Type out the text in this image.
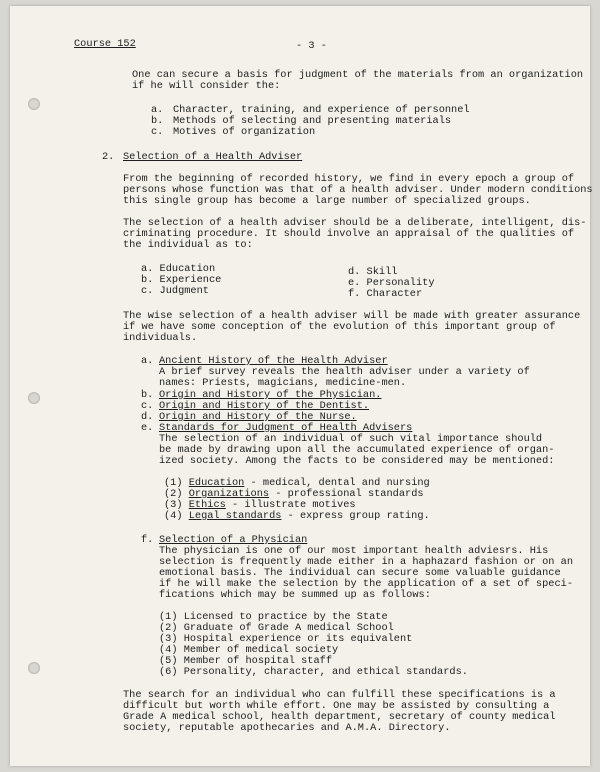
Course 152	- 3 -
One can secure a basis for judgment of the materials from an organization
if he will consider the:
a. Character, training, and experience of personnel
b. Methods of selecting and presenting materials
c. Motives of organization
2. Selection of a Health Adviser
From the beginning of recorded history, we find in every epoch a group of
persons whose function was that of a health adviser. Under modern conditions
this single group has become a large number of specialized groups.
The selection of a health adviser should be a deliberate, intelligent, dis-
criminating procedure. It should involve an appraisal of the qualities of
the individual as to:
a. Education
b. Experience
c. Judgment
d. Skill
e. Personality
f. Character
The wise selection of a health adviser will be made with greater assurance
if we have some conception of the evolution of this important group of
individuals.
a. Ancient History of the Health Adviser
A brief survey reveals the health adviser under a variety of
names: Priests, magicians, medicine-men.
b. Origin and History of the Physician.
c. Origin and History of the Dentist.
d. Origin and History of the Nurse.
e. Standards for Judgment of Health Advisers
The selection of an individual of such vital importance should
be made by drawing upon all the accumulated experience of organ-
ized society. Among the facts to be considered may be mentioned:
(1) Education - medical, dental and nursing
(2) Organizations - professional standards
(3) Ethics - illustrate motives
(4) Legal standards - express group rating.
f. Selection of a Physician
The physician is one of our most important health adviesrs. His
selection is frequently made either in a haphazard fashion or on an
emotional basis. The individual can secure some valuable guidance
if he will make the selection by the application of a set of speci-
fications which may be summed up as follows:
(1) Licensed to practice by the State
(2) Graduate of Grade A medical School
(3) Hospital experience or its equivalent
(4) Member of medical society
(5) Member of hospital staff
(6) Personality, character, and ethical standards.
The search for an individual who can fulfill these specifications is a
difficult but worth while effort. One may be assisted by consulting a
Grade A medical school, health department, secretary of county medical
society, reputable apothecaries and A.M.A. Directory.
